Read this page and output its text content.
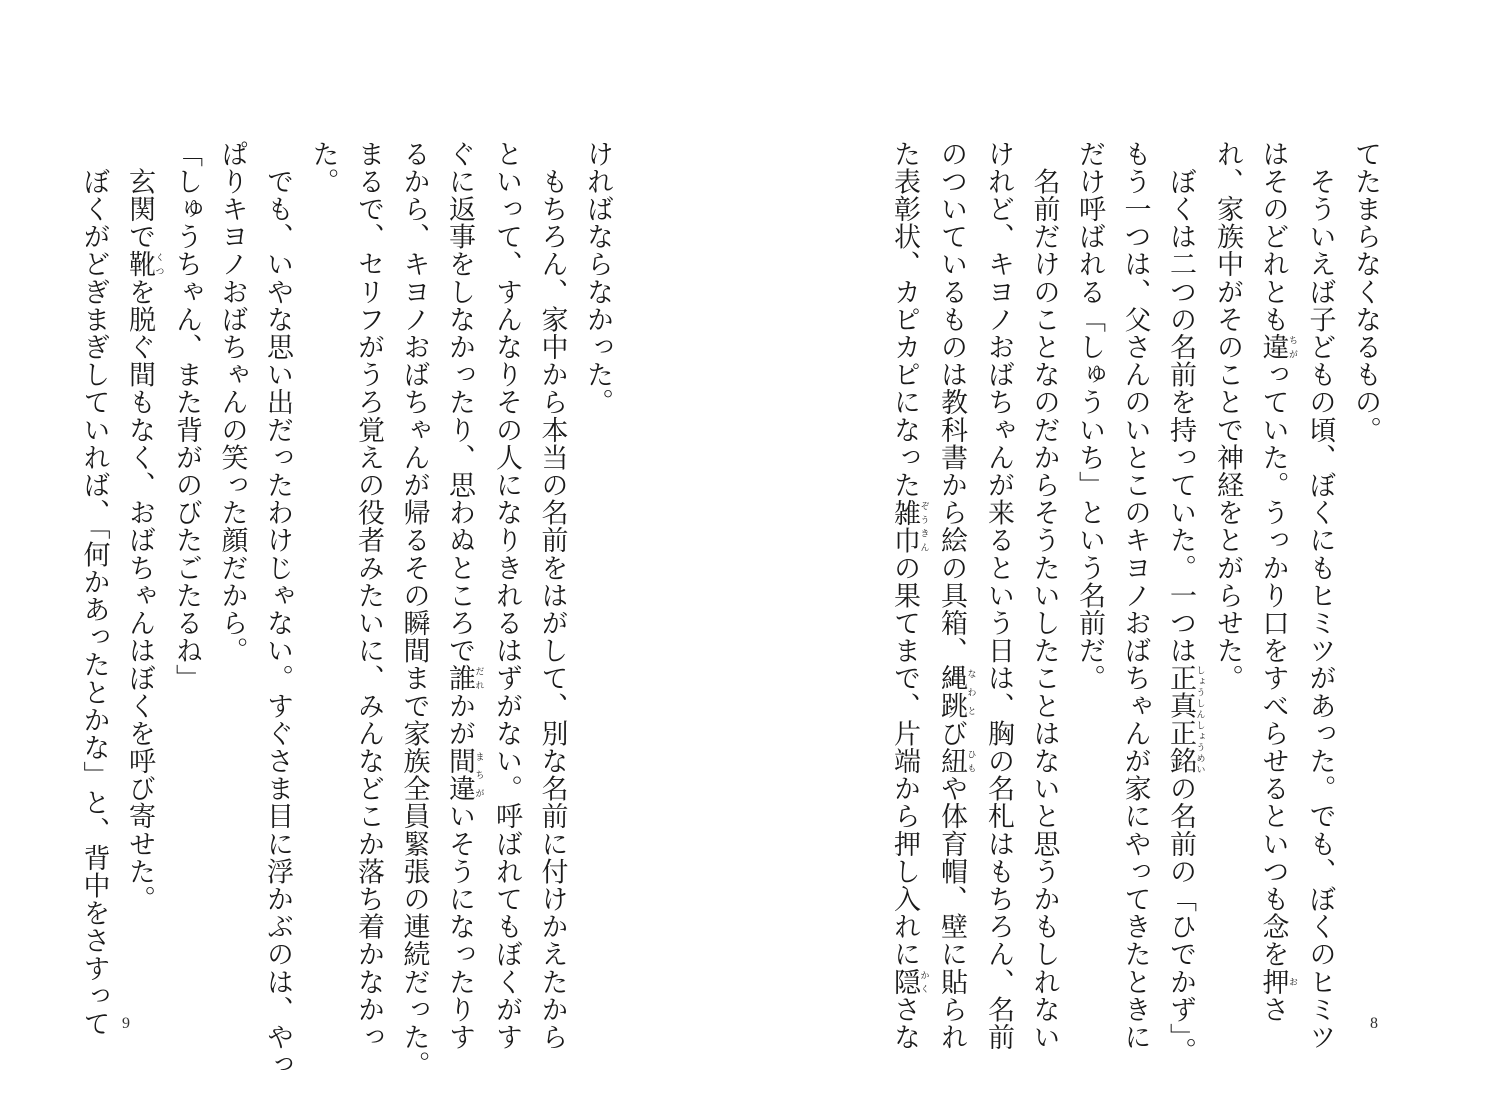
てたまらなくなるもの。
　そういえば子どもの頃、ぼくにもヒミツがあった。でも、ぼくのヒミツ
はそのどれとも違ちがっていた。うっかり口をすべらせるといつも念を押おさ
れ、家族中がそのことで神経をとがらせた。
　ぼくは二つの名前を持っていた。一つは正真正銘しょうしんしょうめいの名前の「ひでかず」。
もう一つは、父さんのいとこのキヨノおばちゃんが家にやってきたときに
だけ呼ばれる「しゅういち」という名前だ。
　名前だけのことなのだからそうたいしたことはないと思うかもしれない
けれど、キヨノおばちゃんが来るという日は、胸の名札はもちろん、名前
のついているものは教科書から絵の具箱、縄跳なわとび紐ひもや体育帽、壁に貼られ
た表彰状、カピカピになった雑巾ぞうきんの果てまで、片端から押し入れに隠かくさな	8
ければならなかった。
　もちろん、家中から本当の名前をはがして、別な名前に付けかえたから
といって、すんなりその人になりきれるはずがない。呼ばれてもぼくがす
ぐに返事をしなかったり、思わぬところで誰だれかが間違まちがいそうになったりす
るから、キヨノおばちゃんが帰るその瞬間まで家族全員緊張の連続だった。
まるで、セリフがうろ覚えの役者みたいに、みんなどこか落ち着かなかっ
た。
　でも、いやな思い出だったわけじゃない。すぐさま目に浮かぶのは、やっ
ぱりキヨノおばちゃんの笑った顔だから。
「しゅうちゃん、また背がのびたごたるね」
　玄関で靴くつを脱ぐ間もなく、おばちゃんはぼくを呼び寄せた。
　ぼくがどぎまぎしていれば、「何かあったとかな」と、背中をさすって 9
